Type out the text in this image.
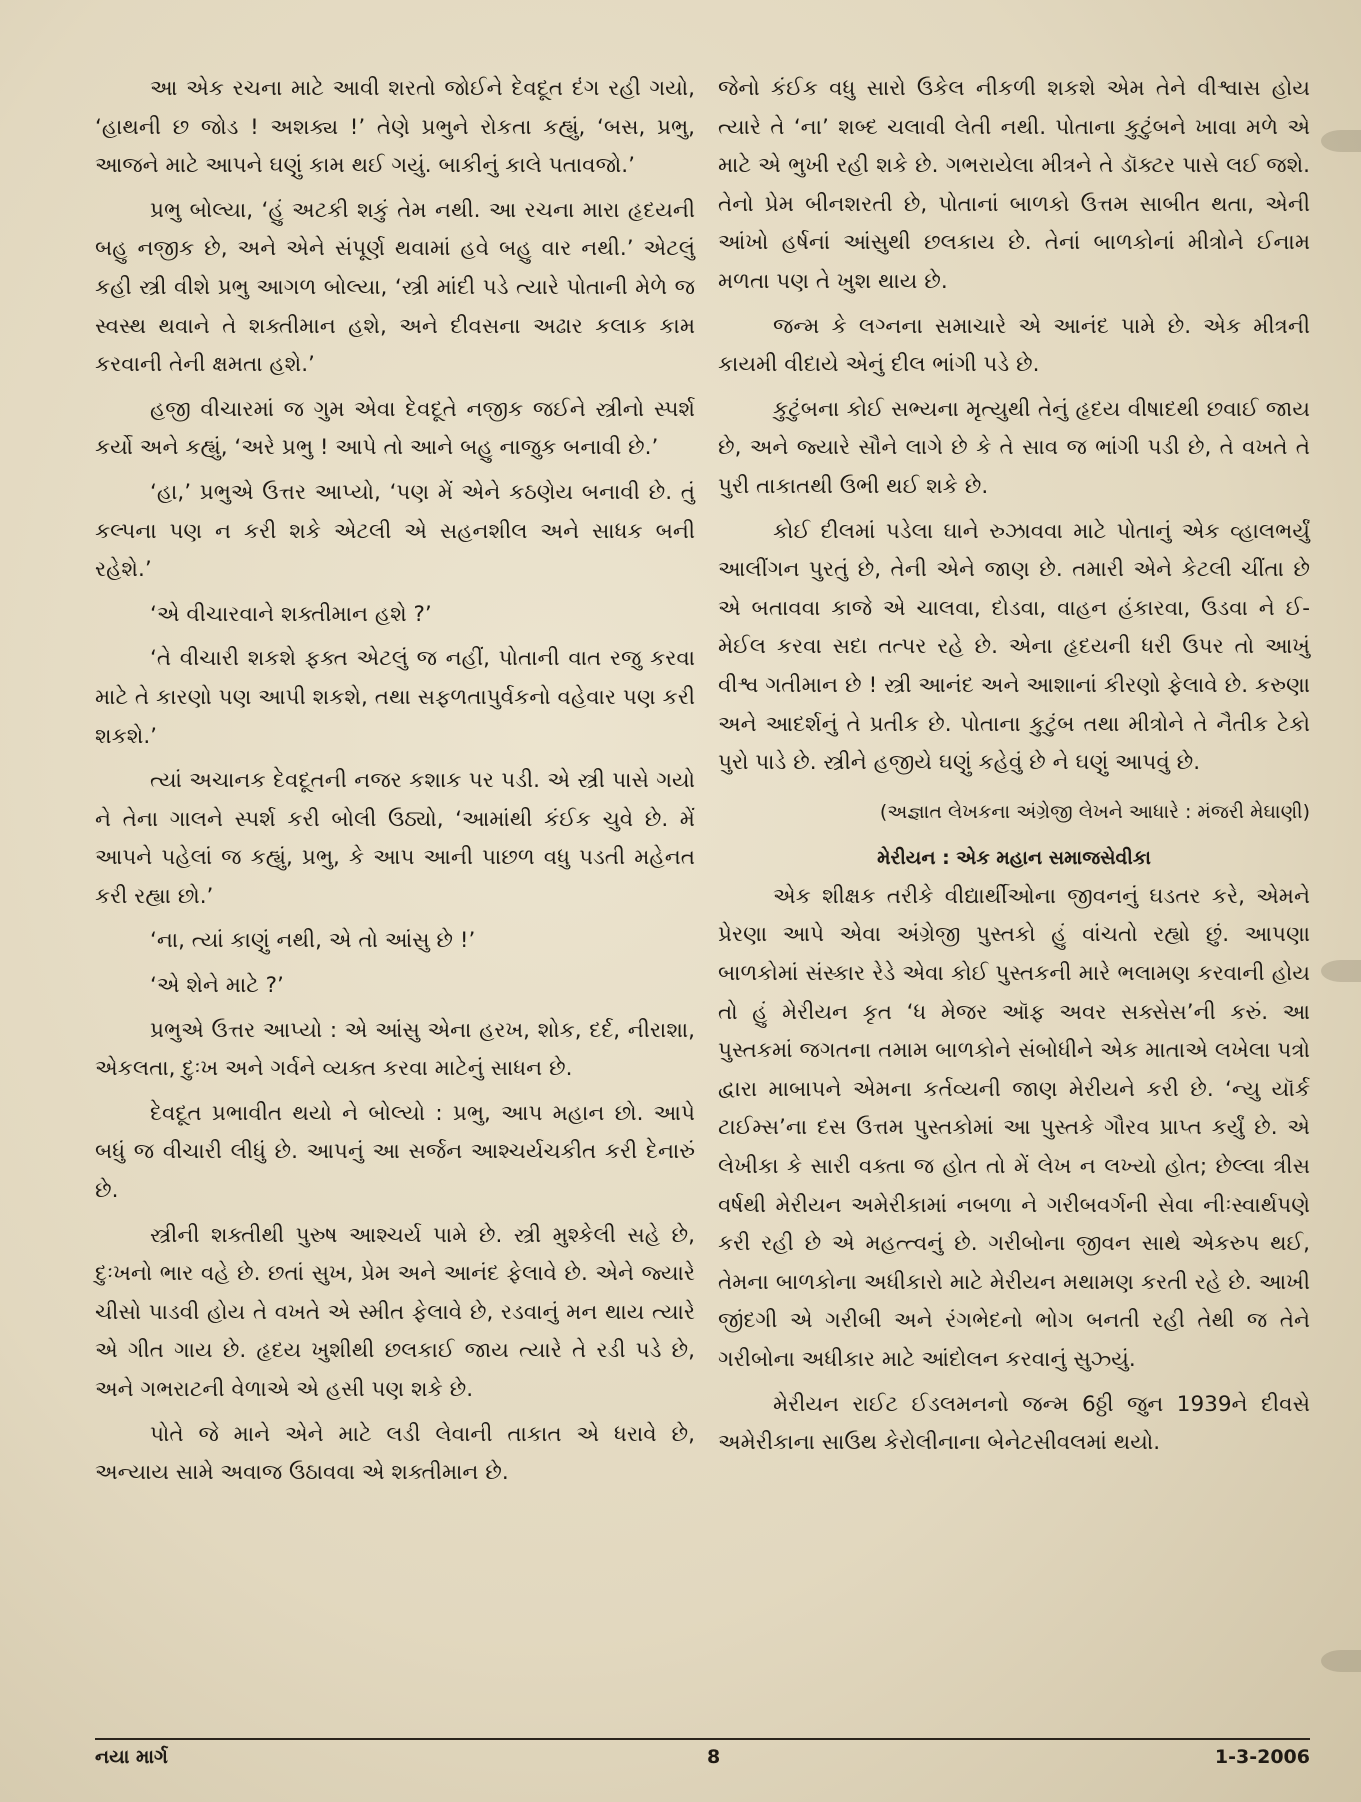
આ એક રચના માટે આવી શરતો જોઈને દેવદૂત દંગ રહી ગયો, ‘હાથની છ જોડ ! અશક્ય !’ તેણે પ્રભુને રોકતા કહ્યું, ‘બસ, પ્રભુ, આજને માટે આપને ઘણું કામ થઈ ગયું. બાકીનું કાલે પતાવજો.’

પ્રભુ બોલ્યા, ‘હું અટકી શકું તેમ નથી. આ રચના મારા હૃદયની બહુ નજીક છે, અને એને સંપૂર્ણ થવામાં હવે બહુ વાર નથી.’ એટલું કહી સ્ત્રી વીશે પ્રભુ આગળ બોલ્યા, ‘સ્ત્રી માંદી પડે ત્યારે પોતાની મેળે જ સ્વસ્થ થવાને તે શક્તીમાન હશે, અને દીવસના અઢાર કલાક કામ કરવાની તેની ક્ષમતા હશે.’

હજી વીચારમાં જ ગુમ એવા દેવદૂતે નજીક જઈને સ્ત્રીનો સ્પર્શ કર્યો અને કહ્યું, ‘અરે પ્રભુ ! આપે તો આને બહુ નાજુક બનાવી છે.’

‘હા,’ પ્રભુએ ઉત્તર આપ્યો, ‘પણ મેં એને કઠણેય બનાવી છે. તું કલ્પના પણ ન કરી શકે એટલી એ સહનશીલ અને સાધક બની રહેશે.’

‘એ વીચારવાને શક્તીમાન હશે ?’

‘તે વીચારી શકશે ફક્ત એટલું જ નહીં, પોતાની વાત રજુ કરવા માટે તે કારણો પણ આપી શકશે, તથા સફળતાપુર્વકનો વહેવાર પણ કરી શકશે.’

ત્યાં અચાનક દેવદૂતની નજર કશાક પર પડી. એ સ્ત્રી પાસે ગયો ને તેના ગાલને સ્પર્શ કરી બોલી ઉઠ્યો, ‘આમાંથી કંઈક ચુવે છે. મેં આપને પહેલાં જ કહ્યું, પ્રભુ, કે આપ આની પાછળ વધુ પડતી મહેનત કરી રહ્યા છો.’

‘ના, ત્યાં કાણું નથી, એ તો આંસુ છે !’

‘એ શેને માટે ?’

પ્રભુએ ઉત્તર આપ્યો : એ આંસુ એના હરખ, શોક, દર્દ, નીરાશા, એકલતા, દુઃખ અને ગર્વને વ્યક્ત કરવા માટેનું સાધન છે.

દેવદૂત પ્રભાવીત થયો ને બોલ્યો : પ્રભુ, આપ મહાન છો. આપે બધું જ વીચારી લીધું છે. આપનું આ સર્જન આશ્ચર્યચકીત કરી દેનારું છે.

સ્ત્રીની શક્તીથી પુરુષ આશ્ચર્ય પામે છે. સ્ત્રી મુશ્કેલી સહે છે, દુઃખનો ભાર વહે છે. છતાં સુખ, પ્રેમ અને આનંદ ફેલાવે છે. એને જ્યારે ચીસો પાડવી હોય તે વખતે એ સ્મીત ફેલાવે છે, રડવાનું મન થાય ત્યારે એ ગીત ગાય છે. હૃદય ખુશીથી છલકાઈ જાય ત્યારે તે રડી પડે છે, અને ગભરાટની વેળાએ એ હસી પણ શકે છે.

પોતે જે માને એને માટે લડી લેવાની તાકાત એ ધરાવે છે, અન્યાય સામે અવાજ ઉઠાવવા એ શક્તીમાન છે.

જેનો કંઈક વધુ સારો ઉકેલ નીકળી શકશે એમ તેને વીશ્વાસ હોય ત્યારે તે ‘ના’ શબ્દ ચલાવી લેતી નથી. પોતાના કુટુંબને ખાવા મળે એ માટે એ ભુખી રહી શકે છે. ગભરાયેલા મીત્રને તે ડૉક્ટર પાસે લઈ જશે. તેનો પ્રેમ બીનશરતી છે, પોતાનાં બાળકો ઉત્તમ સાબીત થતા, એની આંખો હર્ષનાં આંસુથી છલકાય છે. તેનાં બાળકોનાં મીત્રોને ઈનામ મળતા પણ તે ખુશ થાય છે.

જન્મ કે લગ્નના સમાચારે એ આનંદ પામે છે. એક મીત્રની કાયમી વીદાયે એનું દીલ ભાંગી પડે છે.

કુટુંબના કોઈ સભ્યના મૃત્યુથી તેનું હૃદય વીષાદથી છવાઈ જાય છે, અને જ્યારે સૌને લાગે છે કે તે સાવ જ ભાંગી પડી છે, તે વખતે તે પુરી તાકાતથી ઉભી થઈ શકે છે.

કોઈ દીલમાં પડેલા ઘાને રુઝાવવા માટે પોતાનું એક વ્હાલભર્યું આલીંગન પુરતું છે, તેની એને જાણ છે. તમારી એને કેટલી ચીંતા છે એ બતાવવા કાજે એ ચાલવા, દોડવા, વાહન હંકારવા, ઉડવા ને ઈ-મેઈલ કરવા સદા તત્પર રહે છે. એના હૃદયની ધરી ઉપર તો આખું વીશ્વ ગતીમાન છે ! સ્ત્રી આનંદ અને આશાનાં કીરણો ફેલાવે છે. કરુણા અને આદર્શનું તે પ્રતીક છે. પોતાના કુટુંબ તથા મીત્રોને તે નૈતીક ટેકો પુરો પાડે છે. સ્ત્રીને હજીયે ઘણું કહેવું છે ને ઘણું આપવું છે.

(અજ્ઞાત લેખકના અંગ્રેજી લેખને આધારે : મંજરી મેઘાણી)

મેરીયન : એક મહાન સમાજસેવીકા

એક શીક્ષક તરીકે વીદ્યાર્થીઓના જીવનનું ઘડતર કરે, એમને પ્રેરણા આપે એવા અંગ્રેજી પુસ્તકો હું વાંચતો રહ્યો છું. આપણા બાળકોમાં સંસ્કાર રેડે એવા કોઈ પુસ્તકની મારે ભલામણ કરવાની હોય તો હું મેરીયન કૃત ‘ધ મેજર ઑફ અવર સક્સેસ’ની કરું. આ પુસ્તકમાં જગતના તમામ બાળકોને સંબોધીને એક માતાએ લખેલા પત્રો દ્વારા માબાપને એમના કર્તવ્યની જાણ મેરીયને કરી છે. ‘ન્યુ યૉર્ક ટાઈમ્સ’ના દસ ઉત્તમ પુસ્તકોમાં આ પુસ્તકે ગૌરવ પ્રાપ્ત કર્યું છે. એ લેખીકા કે સારી વક્તા જ હોત તો મેં લેખ ન લખ્યો હોત; છેલ્લા ત્રીસ વર્ષથી મેરીયન અમેરીકામાં નબળા ને ગરીબવર્ગની સેવા નીઃસ્વાર્થપણે કરી રહી છે એ મહત્ત્વનું છે. ગરીબોના જીવન સાથે એકરુપ થઈ, તેમના બાળકોના અધીકારો માટે મેરીયન મથામણ કરતી રહે છે. આખી જીંદગી એ ગરીબી અને રંગભેદનો ભોગ બનતી રહી તેથી જ તેને ગરીબોના અધીકાર માટે આંદોલન કરવાનું સુઝ્યું.

મેરીયન રાઈટ ઈડલમનનો જન્મ 6ઠ્ઠી જુન 1939ને દીવસે અમેરીકાના સાઉથ કેરોલીનાના બેનેટસીવલમાં થયો.

નયા માર્ગ	8	1-3-2006
